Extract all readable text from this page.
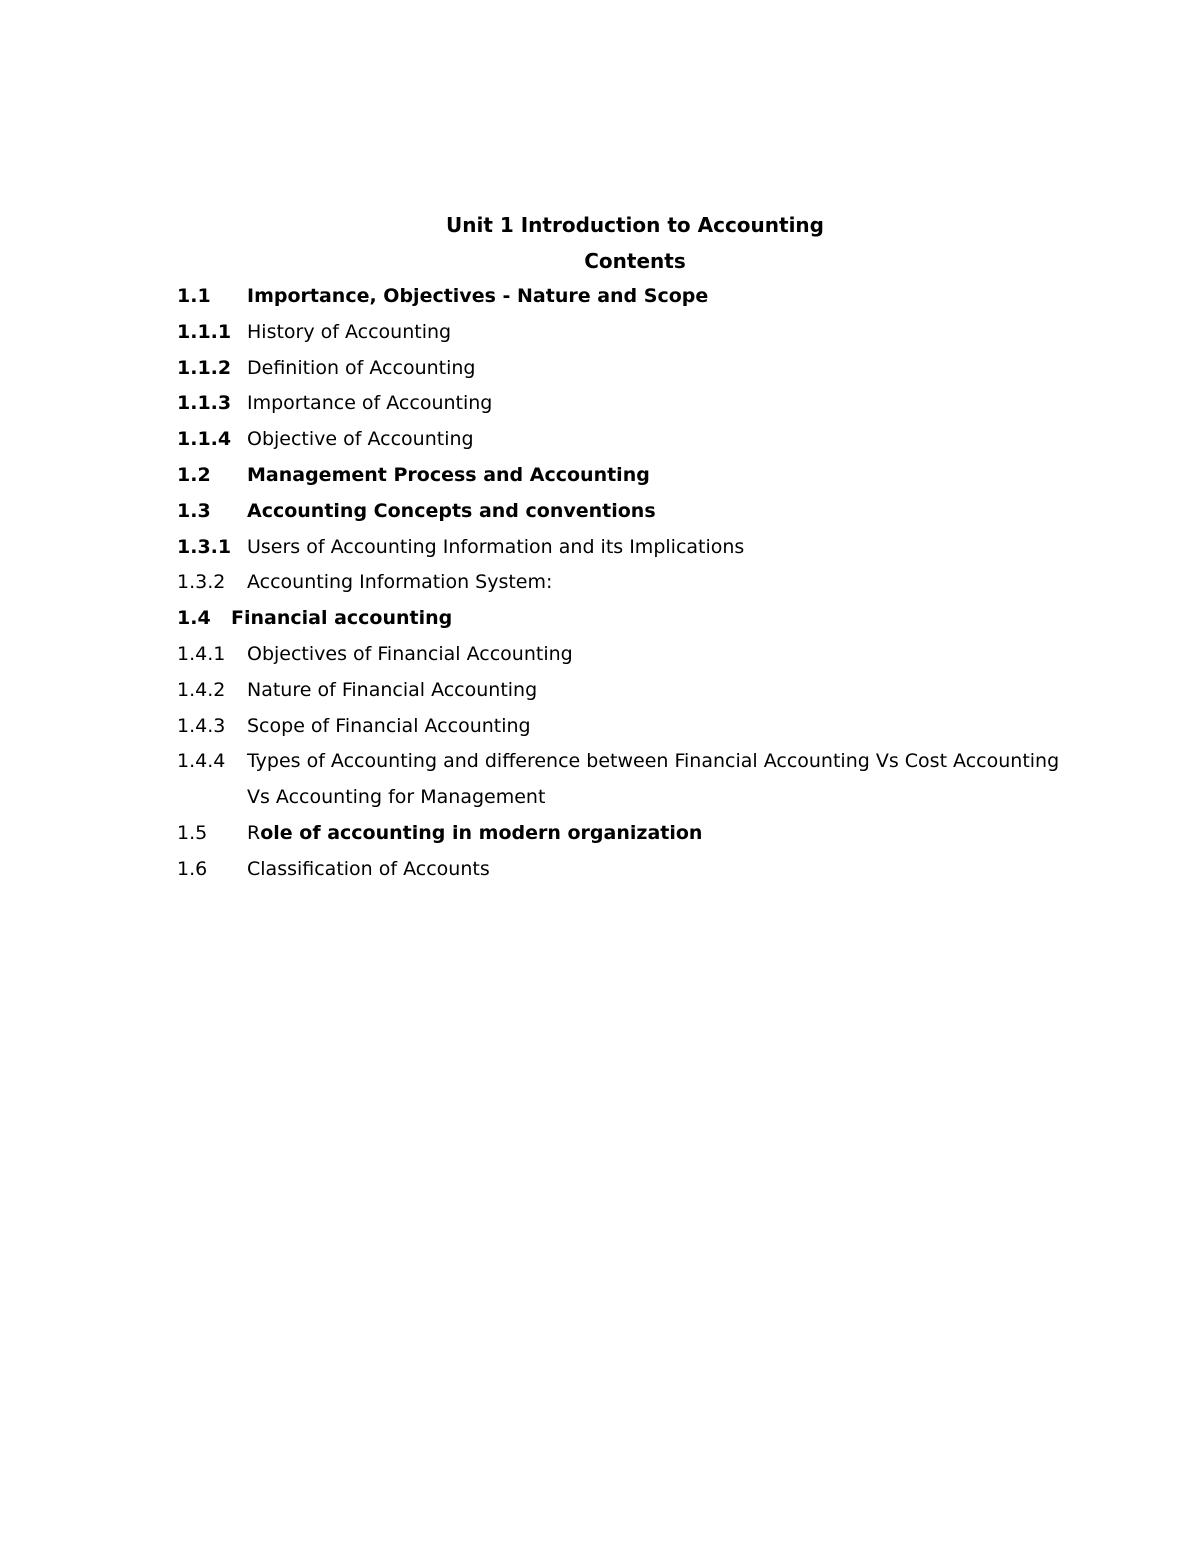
Unit 1 Introduction to Accounting
Contents
1.1 Importance, Objectives - Nature and Scope
1.1.1 History of Accounting
1.1.2 Definition of Accounting
1.1.3 Importance of Accounting
1.1.4 Objective of Accounting
1.2 Management Process and Accounting
1.3 Accounting Concepts and conventions
1.3.1 Users of Accounting Information and its Implications
1.3.2 Accounting Information System:
1.4 Financial accounting
1.4.1 Objectives of Financial Accounting
1.4.2 Nature of Financial Accounting
1.4.3 Scope of Financial Accounting
1.4.4 Types of Accounting and difference between Financial Accounting Vs Cost Accounting
Vs Accounting for Management
1.5 Role of accounting in modern organization
1.6 Classification of Accounts
